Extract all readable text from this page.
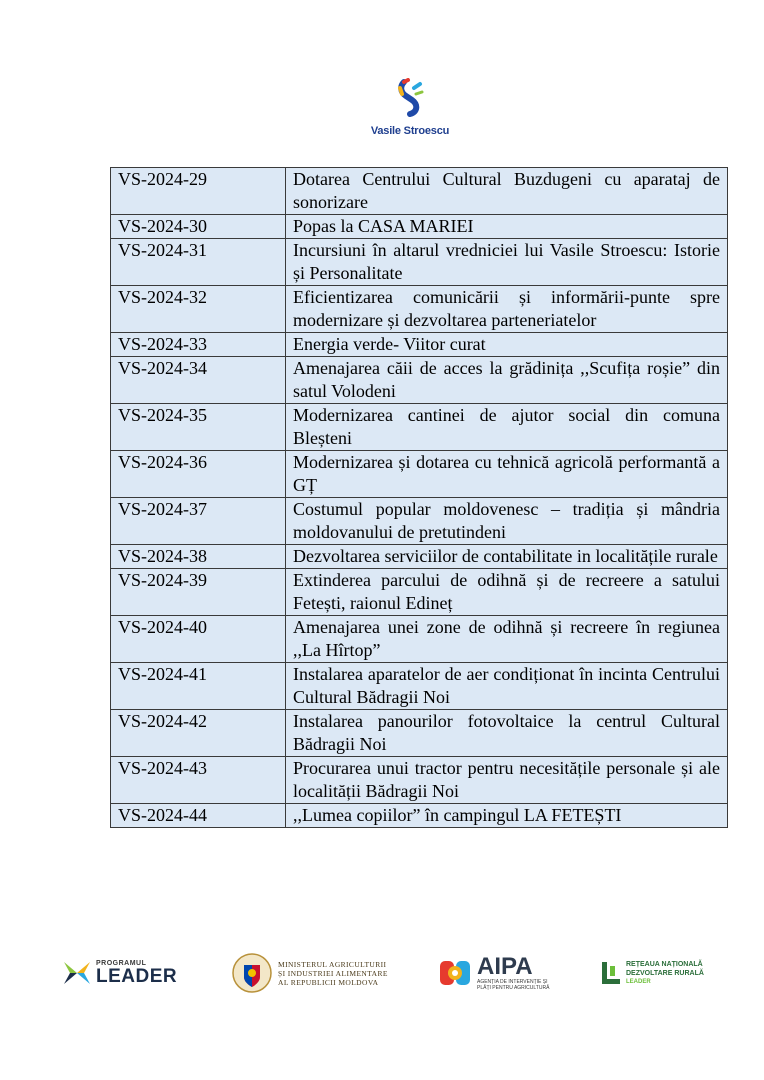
Vasile Stroescu
VS-2024-29	Dotarea Centrului Cultural Buzdugeni cu aparataj de sonorizare
VS-2024-30	Popas la CASA MARIEI
VS-2024-31	Incursiuni în altarul vredniciei lui Vasile Stroescu: Istorie și Personalitate
VS-2024-32	Eficientizarea comunicării și informării-punte spre modernizare și dezvoltarea parteneriatelor
VS-2024-33	Energia verde- Viitor curat
VS-2024-34	Amenajarea căii de acces la grădinița ,,Scufița roșie” din satul Volodeni
VS-2024-35	Modernizarea cantinei de ajutor social din comuna Bleșteni
VS-2024-36	Modernizarea și dotarea cu tehnică agricolă performantă a GȚ
VS-2024-37	Costumul popular moldovenesc – tradiția și mândria moldovanului de pretutindeni
VS-2024-38	Dezvoltarea serviciilor de contabilitate in localitățile rurale
VS-2024-39	Extinderea parcului de odihnă și de recreere a satului Fetești, raionul Edineț
VS-2024-40	Amenajarea unei zone de odihnă și recreere în regiunea ,,La Hîrtop”
VS-2024-41	Instalarea aparatelor de aer condiționat în incinta Centrului Cultural Bădragii Noi
VS-2024-42	Instalarea panourilor fotovoltaice la centrul Cultural Bădragii Noi
VS-2024-43	Procurarea unui tractor pentru necesitățile personale și ale localității Bădragii Noi
VS-2024-44	,,Lumea copiilor” în campingul LA FETEȘTI
PROGRAMUL
LEADER
MINISTERUL AGRICULTURII
ȘI INDUSTRIEI ALIMENTARE
AL REPUBLICII MOLDOVA
AIPA
AGENȚIA DE INTERVENȚIE ȘI
PLĂȚI PENTRU AGRICULTURĂ
REȚEAUA NAȚIONALĂ
DEZVOLTARE RURALĂ
LEADER
